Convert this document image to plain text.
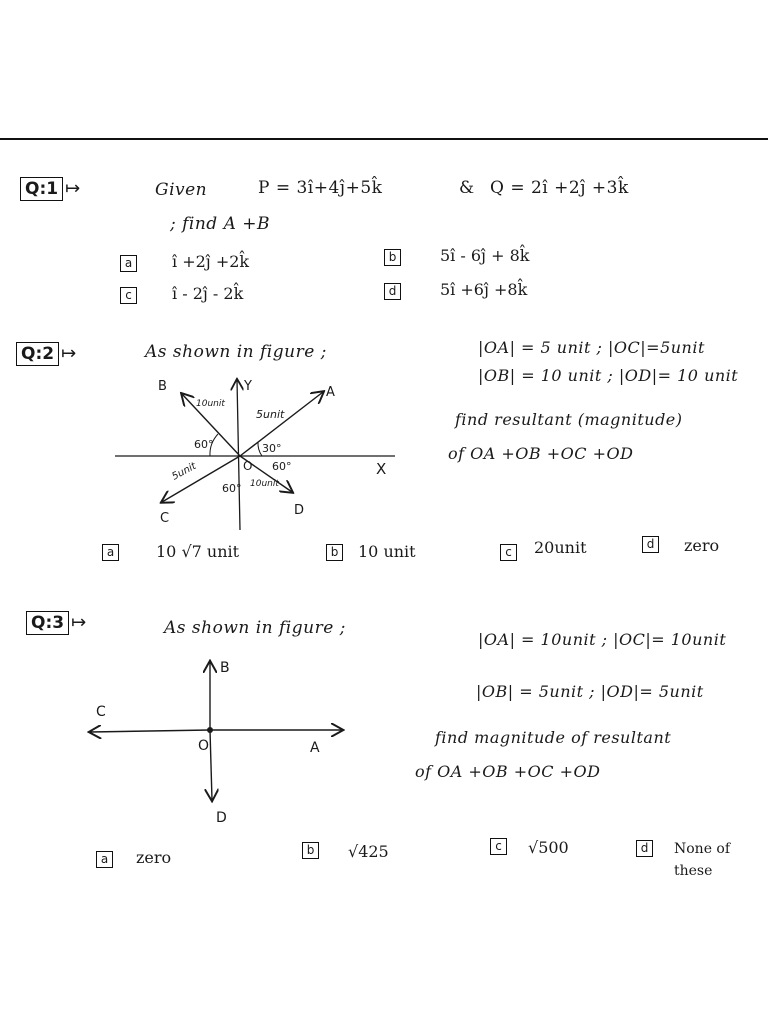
Q:1 ↦	Given	P = 3î+4ĵ+5k̂	& Q = 2î +2ĵ +3k̂
; find A +B
a	î +2ĵ +2k̂	b	5î - 6ĵ + 8k̂
c	î - 2ĵ - 2k̂	d	5î +6ĵ +8k̂
Q:2 ↦	As shown in figure ;	|OA| = 5 unit ; |OC|=5unit
|OB| = 10 unit ; |OD|= 10 unit
find resultant (magnitude)
of OA +OB +OC +OD
B	Y	A
X
C
D
O
10unit
5unit
5unit
10unit
60°	30°
60°
60°
a	10 √7 unit	b 10 unit	c	20unit	d zero
Q:3 ↦	As shown in figure ;
|OA| = 10unit ; |OC|= 10unit
|OB| = 5unit ; |OD|= 5unit
find magnitude of resultant
of OA +OB +OC +OD
B
C
O	A
D
a	zero	b √425	c	√500	d	None of these
